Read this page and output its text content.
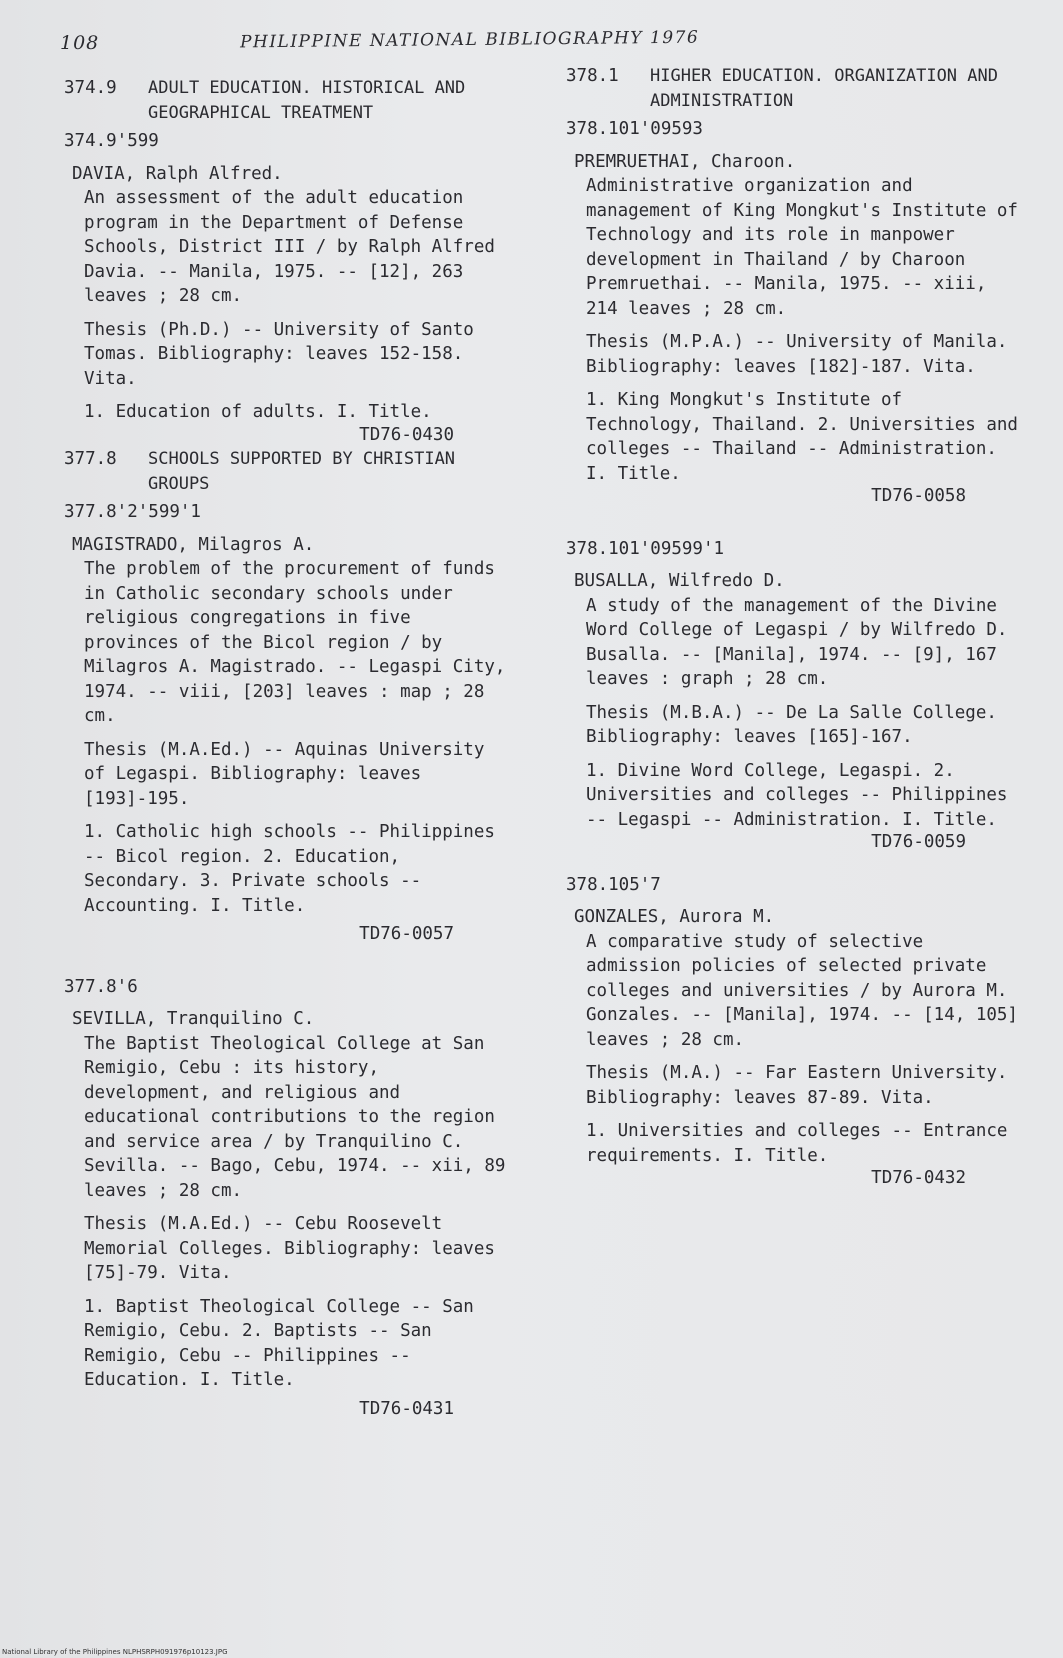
108	PHILIPPINE NATIONAL BIBLIOGRAPHY 1976
374.9 ADULT EDUCATION. HISTORICAL AND GEOGRAPHICAL TREATMENT
374.9'599
DAVIA, Ralph Alfred.
An assessment of the adult education program in the Department of Defense Schools, District III / by Ralph Alfred Davia. -- Manila, 1975. -- [12], 263 leaves ; 28 cm.
Thesis (Ph.D.) -- University of Santo Tomas. Bibliography: leaves 152-158. Vita.
1. Education of adults. I. Title.
TD76-0430
377.8 SCHOOLS SUPPORTED BY CHRISTIAN GROUPS
377.8'2'599'1
MAGISTRADO, Milagros A.
The problem of the procurement of funds in Catholic secondary schools under religious congregations in five provinces of the Bicol region / by Milagros A. Magistrado. -- Legaspi City, 1974. -- viii, [203] leaves : map ; 28 cm.
Thesis (M.A.Ed.) -- Aquinas University of Legaspi. Bibliography: leaves [193]-195.
1. Catholic high schools -- Philippines -- Bicol region. 2. Education, Secondary. 3. Private schools -- Accounting. I. Title.
TD76-0057
377.8'6
SEVILLA, Tranquilino C.
The Baptist Theological College at San Remigio, Cebu : its history, development, and religious and educational contributions to the region and service area / by Tranquilino C. Sevilla. -- Bago, Cebu, 1974. -- xii, 89 leaves ; 28 cm.
Thesis (M.A.Ed.) -- Cebu Roosevelt Memorial Colleges. Bibliography: leaves [75]-79. Vita.
1. Baptist Theological College -- San Remigio, Cebu. 2. Baptists -- San Remigio, Cebu -- Philippines -- Education. I. Title.
TD76-0431
378.1 HIGHER EDUCATION. ORGANIZATION AND ADMINISTRATION
378.101'09593
PREMRUETHAI, Charoon.
Administrative organization and management of King Mongkut's Institute of Technology and its role in manpower development in Thailand / by Charoon Premruethai. -- Manila, 1975. -- xiii, 214 leaves ; 28 cm.
Thesis (M.P.A.) -- University of Manila. Bibliography: leaves [182]-187. Vita.
1. King Mongkut's Institute of Technology, Thailand. 2. Universities and colleges -- Thailand -- Administration. I. Title.
TD76-0058
378.101'09599'1
BUSALLA, Wilfredo D.
A study of the management of the Divine Word College of Legaspi / by Wilfredo D. Busalla. -- [Manila], 1974. -- [9], 167 leaves : graph ; 28 cm.
Thesis (M.B.A.) -- De La Salle College. Bibliography: leaves [165]-167.
1. Divine Word College, Legaspi. 2. Universities and colleges -- Philippines -- Legaspi -- Administration. I. Title.
TD76-0059
378.105'7
GONZALES, Aurora M.
A comparative study of selective admission policies of selected private colleges and universities / by Aurora M. Gonzales. -- [Manila], 1974. -- [14, 105] leaves ; 28 cm.
Thesis (M.A.) -- Far Eastern University. Bibliography: leaves 87-89. Vita.
1. Universities and colleges -- Entrance requirements. I. Title.
TD76-0432
National Library of the Philippines NLPHSRPH091976p10123.JPG
